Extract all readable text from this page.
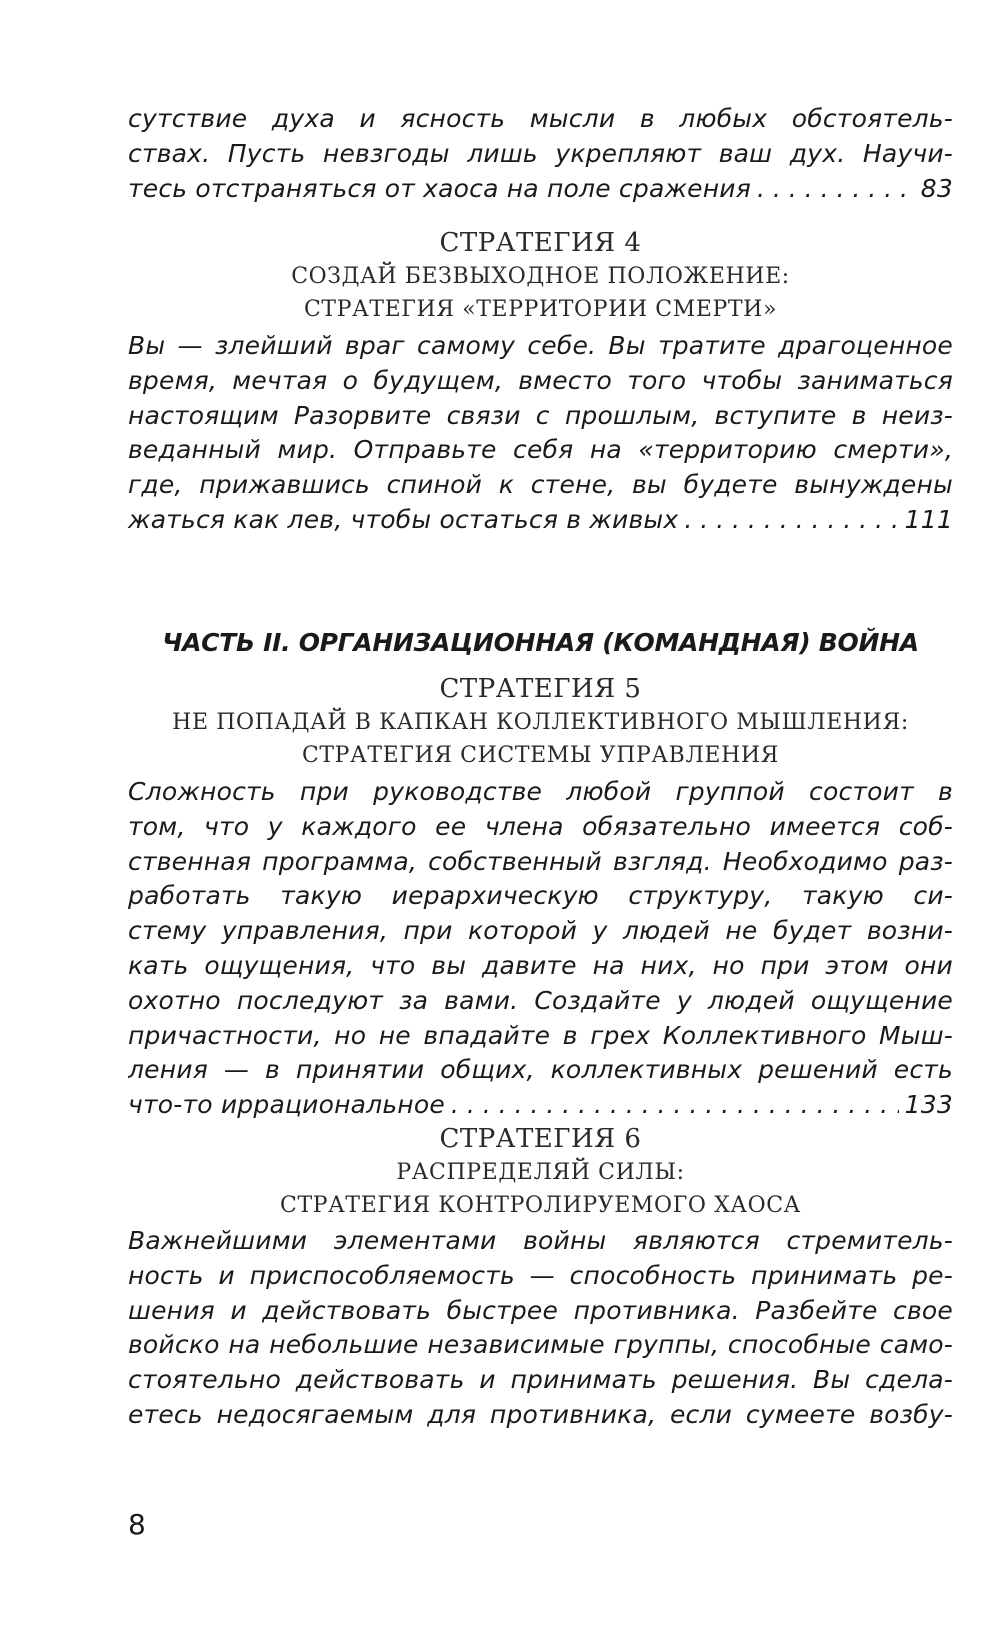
сутствие духа и ясность мысли в любых обстоятель-
ствах. Пусть невзгоды лишь укрепляют ваш дух. Научи-
тесь отстраняться от хаоса на поле сражения . . .	83
СТРАТЕГИЯ 4
СОЗДАЙ БЕЗВЫХОДНОЕ ПОЛОЖЕНИЕ:
СТРАТЕГИЯ «ТЕРРИТОРИИ СМЕРТИ»
Вы — злейший враг самому себе. Вы тратите драгоценное
время, мечтая о будущем, вместо того чтобы заниматься
настоящим Разорвите связи с прошлым, вступите в неиз-
веданный мир. Отправьте себя на «территорию смерти»,
где, прижавшись спиной к стене, вы будете вынуждены
жаться как лев, чтобы остаться в живых . . .	111
ЧАСТЬ II. ОРГАНИЗАЦИОННАЯ (КОМАНДНАЯ) ВОЙНА
СТРАТЕГИЯ 5
НЕ ПОПАДАЙ В КАПКАН КОЛЛЕКТИВНОГО МЫШЛЕНИЯ:
СТРАТЕГИЯ СИСТЕМЫ УПРАВЛЕНИЯ
Сложность при руководстве любой группой состоит в
том, что у каждого ее члена обязательно имеется соб-
ственная программа, собственный взгляд. Необходимо раз-
работать такую иерархическую структуру, такую си-
стему управления, при которой у людей не будет возни-
кать ощущения, что вы давите на них, но при этом они
охотно последуют за вами. Создайте у людей ощущение
причастности, но не впадайте в грех Коллективного Мыш-
ления — в принятии общих, коллективных решений есть
что-то иррациональное . . .	133
СТРАТЕГИЯ 6
РАСПРЕДЕЛЯЙ СИЛЫ:
СТРАТЕГИЯ КОНТРОЛИРУЕМОГО ХАОСА
Важнейшими элементами войны являются стремитель-
ность и приспособляемость — способность принимать ре-
шения и действовать быстрее противника. Разбейте свое
войско на небольшие независимые группы, способные само-
стоятельно действовать и принимать решения. Вы сдела-
етесь недосягаемым для противника, если сумеете возбу-
8
